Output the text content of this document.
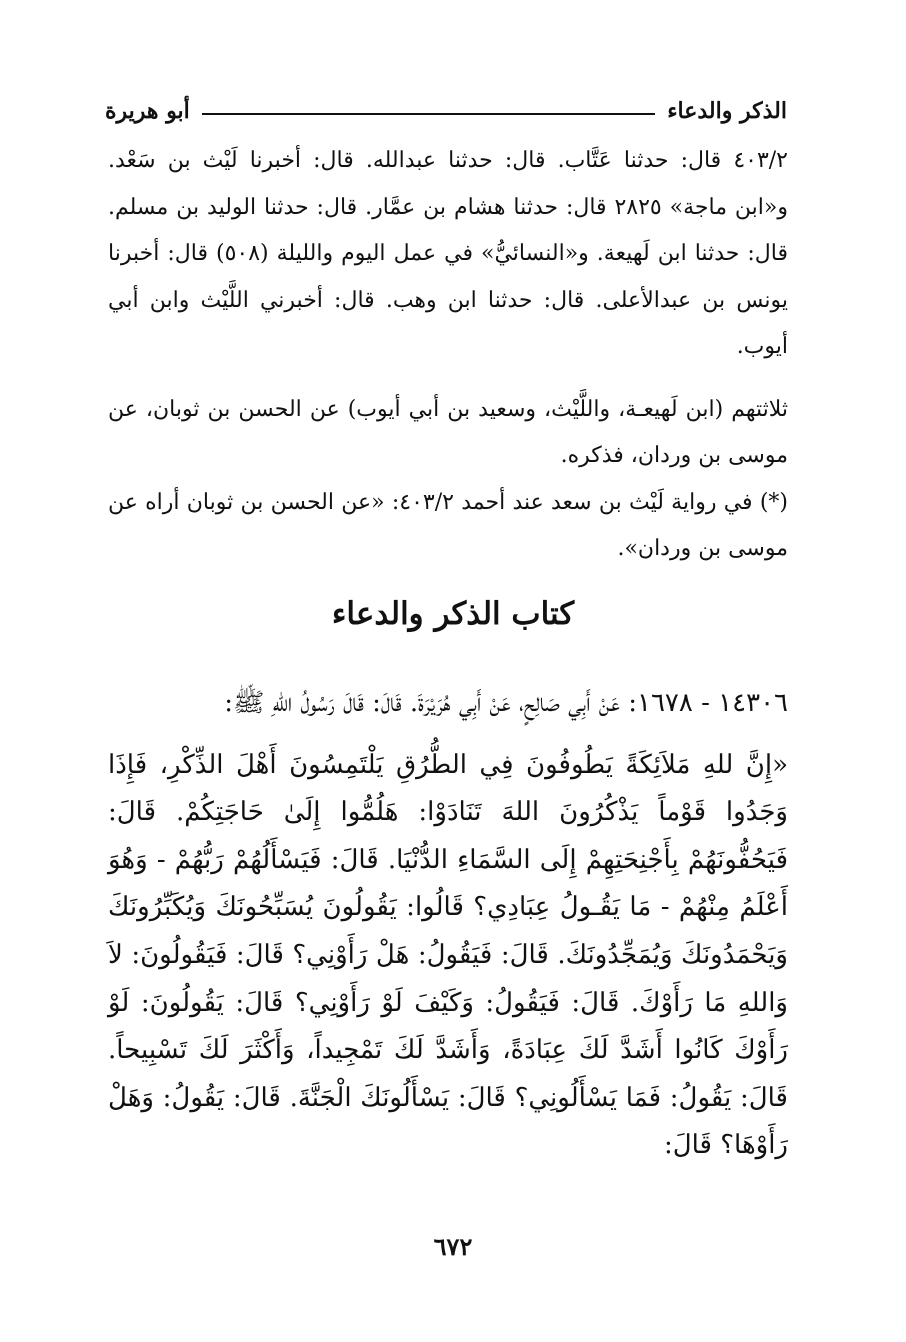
الذكر والدعاء
أبو هريرة

٤٠٣/٢ قال: حدثنا عَتَّاب. قال: حدثنا عبدالله. قال: أخبرنا لَيْث بن سَعْد. و«ابن ماجة» ٢٨٢٥ قال: حدثنا هشام بن عمَّار. قال: حدثنا الوليد بن مسلم. قال: حدثنا ابن لَهيعة. و«النسائيُّ» في عمل اليوم والليلة (٥٠٨) قال: أخبرنا يونس بن عبدالأعلى. قال: حدثنا ابن وهب. قال: أخبرني اللَّيْث وابن أبي أيوب.

ثلاثتهم (ابن لَهيعـة، واللَّيْث، وسعيد بن أبي أيوب) عن الحسن بن ثوبان، عن موسى بن وردان، فذكره.

(*) في رواية لَيْث بن سعد عند أحمد ٤٠٣/٢: «عن الحسن بن ثوبان أراه عن موسى بن وردان».

كتاب الذكر والدعاء

١٤٣٠٦ - ١٦٧٨: عَنْ أَبِي صَالِحٍ، عَنْ أَبِي هُرَيْرَةَ. قَالَ: قَالَ رَسُولُ اللهِ ﷺ:

«إِنَّ للهِ مَلاَئِكَةً يَطُوفُونَ فِي الطُّرُقِ يَلْتَمِسُونَ أَهْلَ الذِّكْرِ، فَإِذَا وَجَدُوا قَوْماً يَذْكُرُونَ اللهَ تَنَادَوْا: هَلُمُّوا إِلَىٰ حَاجَتِكُمْ. قَالَ: فَيَحُفُّونَهُمْ بِأَجْنِحَتِهِمْ إِلَى السَّمَاءِ الدُّنْيَا. قَالَ: فَيَسْأَلُهُمْ رَبُّهُمْ - وَهُوَ أَعْلَمُ مِنْهُمْ - مَا يَقُـولُ عِبَادِي؟ قَالُوا: يَقُولُونَ يُسَبِّحُونَكَ وَيُكَبِّرُونَكَ وَيَحْمَدُونَكَ وَيُمَجِّدُونَكَ. قَالَ: فَيَقُولُ: هَلْ رَأَوْنِي؟ قَالَ: فَيَقُولُونَ: لاَ وَاللهِ مَا رَأَوْكَ. قَالَ: فَيَقُولُ: وَكَيْفَ لَوْ رَأَوْنِي؟ قَالَ: يَقُولُونَ: لَوْ رَأَوْكَ كَانُوا أَشَدَّ لَكَ عِبَادَةً، وَأَشَدَّ لَكَ تَمْجِيداً، وَأَكْثَرَ لَكَ تَسْبِيحاً. قَالَ: يَقُولُ: فَمَا يَسْأَلُونِي؟ قَالَ: يَسْأَلُونَكَ الْجَنَّةَ. قَالَ: يَقُولُ: وَهَلْ رَأَوْهَا؟ قَالَ:

٦٧٢
